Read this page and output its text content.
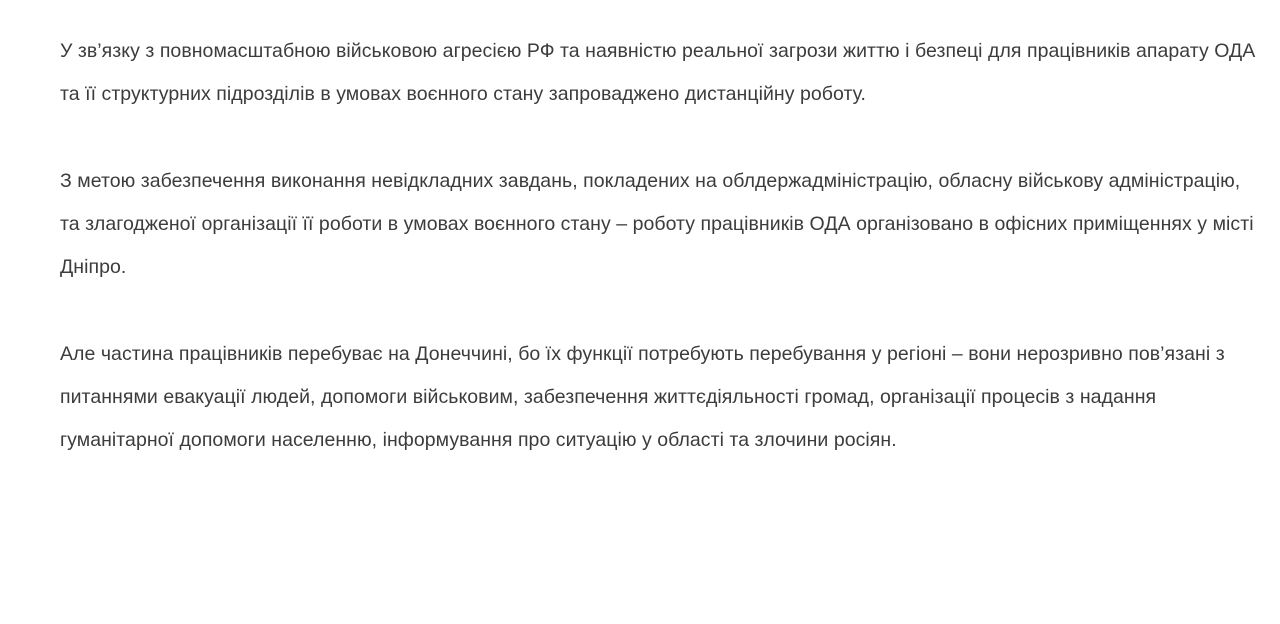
У зв’язку з повномасштабною військовою агресією РФ та наявністю реальної загрози життю і безпеці для працівників апарату ОДА та її структурних підрозділів в умовах воєнного стану запроваджено дистанційну роботу.

З метою забезпечення виконання невідкладних завдань, покладених на облдержадміністрацію, обласну військову адміністрацію, та злагодженої організації її роботи в умовах воєнного стану – роботу працівників ОДА організовано в офісних приміщеннях у місті Дніпро.

Але частина працівників перебуває на Донеччині, бо їх функції потребують перебування у регіоні – вони нерозривно пов’язані з питаннями евакуації людей, допомоги військовим, забезпечення життєдіяльності громад, організації процесів з надання гуманітарної допомоги населенню, інформування про ситуацію у області та злочини росіян.
